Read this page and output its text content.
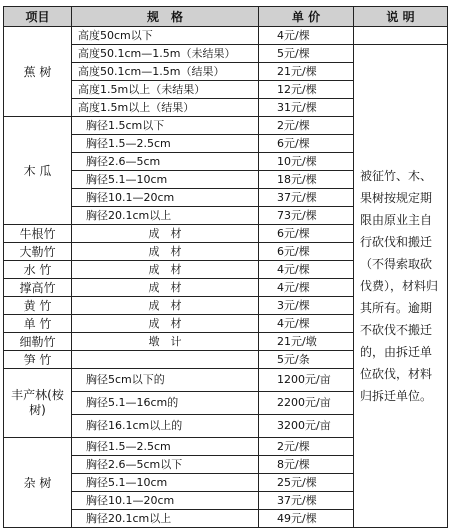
项目	规　格	单 价	说 明
蕉 树	高度50cm以下	4元/棵	
	高度50.1cm—1.5m（未结果）	5元/棵	被征竹、木、果树按规定期限由原业主自行砍伐和搬迁（不得索取砍伐费），材料归其所有。逾期不砍伐不搬迁的，由拆迁单位砍伐，材料归拆迁单位。
	高度50.1cm—1.5m（结果）	21元/棵	
	高度1.5m以上（未结果）	12元/棵	
	高度1.5m以上（结果）	31元/棵	
木 瓜	胸径1.5cm以下	2元/棵	
	胸径1.5—2.5cm	6元/棵	
	胸径2.6—5cm	10元/棵	
	胸径5.1—10cm	18元/棵	
	胸径10.1—20cm	37元/棵	
	胸径20.1cm以上	73元/棵	
牛根竹	成　材	6元/棵	
大勒竹	成　材	6元/棵	
水 竹	成　材	4元/棵	
撑高竹	成　材	4元/棵	
黄 竹	成　材	3元/棵	
单 竹	成　材	4元/棵	
细勒竹	墩　计	21元/墩	
笋 竹		5元/条	
丰产林(桉树)	胸径5cm以下的	1200元/亩	
	胸径5.1—16cm的	2200元/亩	
	胸径16.1cm以上的	3200元/亩	
杂 树	胸径1.5—2.5cm	2元/棵	
	胸径2.6—5cm以下	8元/棵	
	胸径5.1—10cm	25元/棵	
	胸径10.1—20cm	37元/棵	
	胸径20.1cm以上	49元/棵	
